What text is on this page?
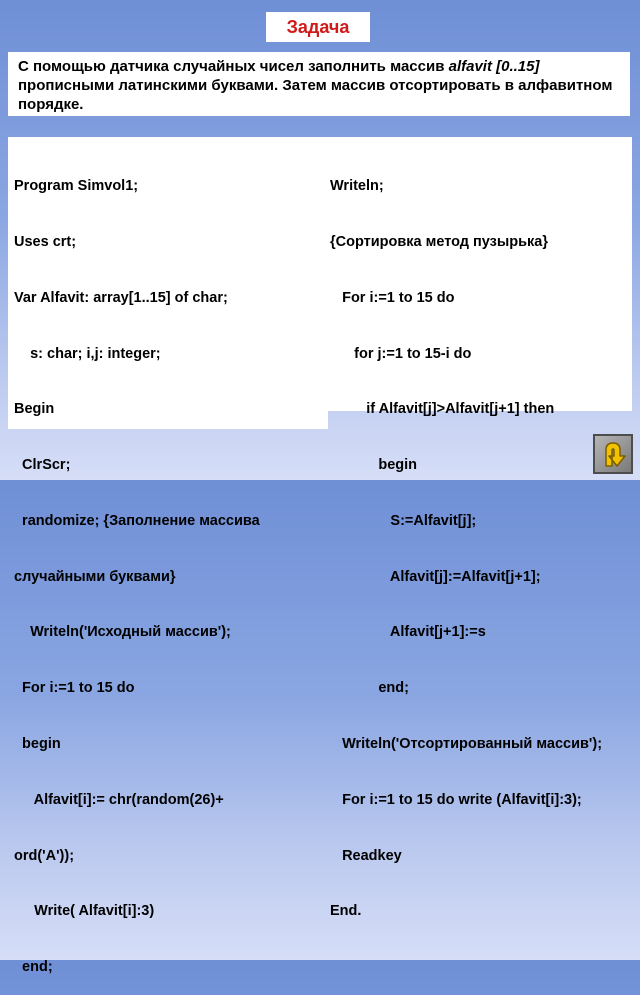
Задача
С помощью датчика случайных чисел заполнить массив alfavit [0..15] прописными латинскими буквами. Затем массив отсортировать в алфавитном порядке.

Program Simvol1;

Uses crt;

Var Alfavit: array[1..15] of char;

s: char; i,j: integer;

Begin

ClrScr;

randomize; {Заполнение массива

случайными буквами}

Writeln('Исходный массив');

For i:=1 to 15 do

begin

Alfavit[i]:= chr(random(26)+

ord('A'));

Write( Alfavit[i]:3)

end;

Writeln;

{Сортировка метод пузырька}

For i:=1 to 15 do

for j:=1 to 15-i do

if Alfavit[j]>Alfavit[j+1] then

begin

S:=Alfavit[j];

Alfavit[j]:=Alfavit[j+1];

Alfavit[j+1]:=s

end;

Writeln('Отсортированный массив');

For i:=1 to 15 do write (Alfavit[i]:3);

Readkey

End.
